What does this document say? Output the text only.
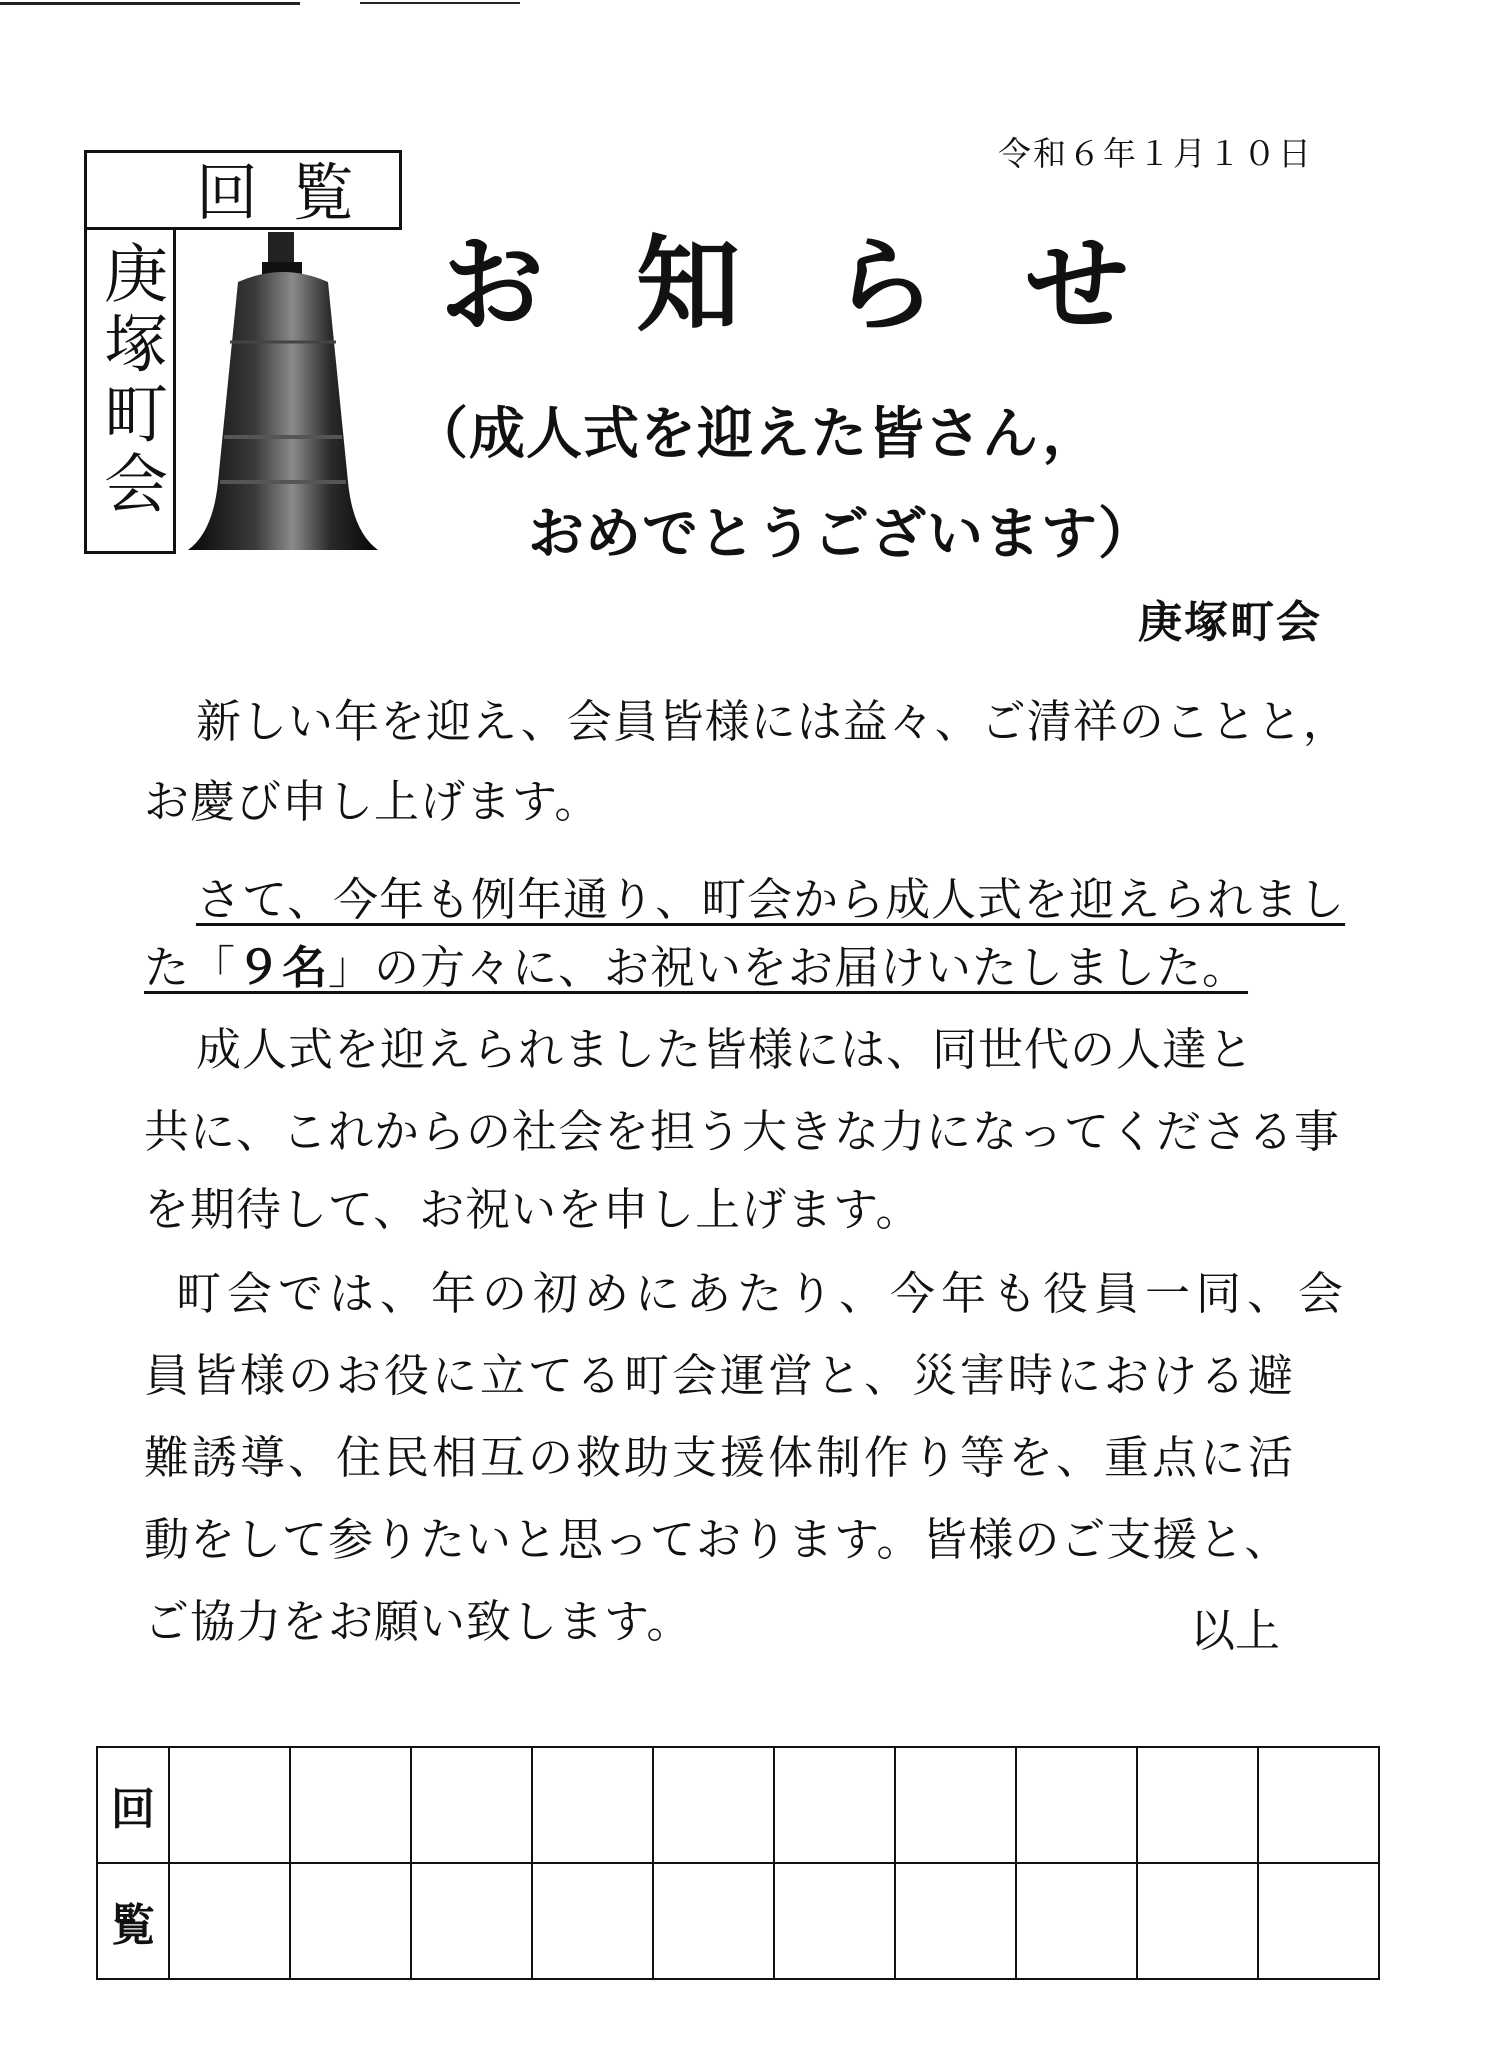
令和６年１月１０日
回覧
庚塚町会	お知らせ
（成人式を迎えた皆さん，
おめでとうございます）
庚塚町会
新しい年を迎え、会員皆様には益々、ご清祥のことと，
お慶び申し上げます。
さて、今年も例年通り、町会から成人式を迎えられまし
た「９名」の方々に、お祝いをお届けいたしました。
成人式を迎えられました皆様には、同世代の人達と
共に、これからの社会を担う大きな力になってくださる事
を期待して、お祝いを申し上げます。
町会では、年の初めにあたり、今年も役員一同、会
員皆様のお役に立てる町会運営と、災害時における避
難誘導、住民相互の救助支援体制作り等を、重点に活
動をして参りたいと思っております。皆様のご支援と、
ご協力をお願い致します。	以上
回										
覧										
